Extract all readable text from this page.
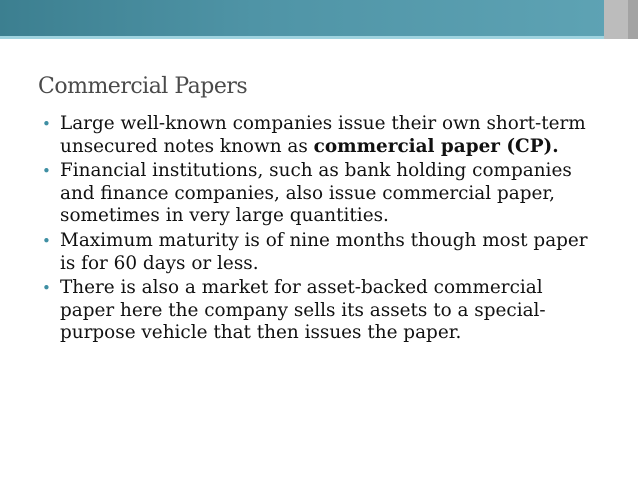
Commercial Papers
• Large well-known companies issue their own short-term unsecured notes known as commercial paper (CP).
• Financial institutions, such as bank holding companies and finance companies, also issue commercial paper, sometimes in very large quantities.
• Maximum maturity is of nine months though most paper is for 60 days or less.
• There is also a market for asset-backed commercial paper here the company sells its assets to a special-purpose vehicle that then issues the paper.
